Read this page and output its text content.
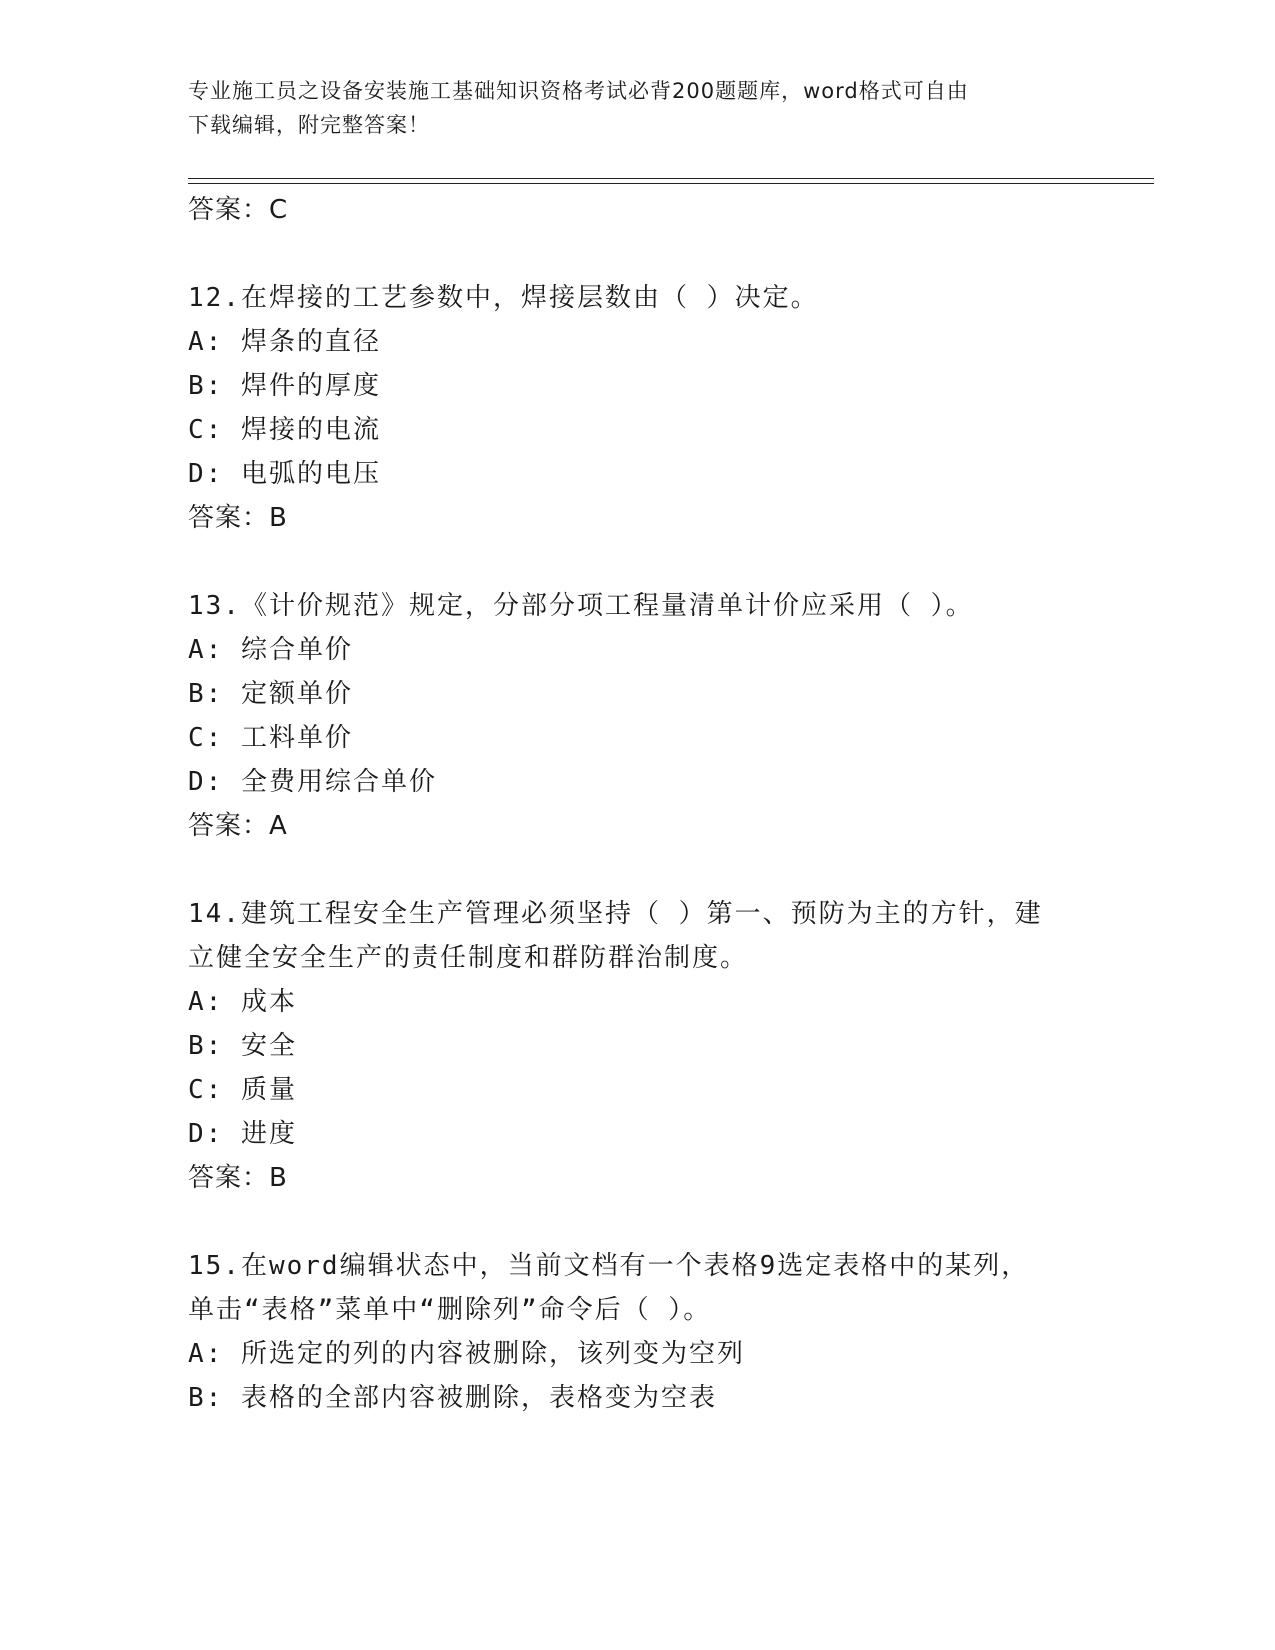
专业施工员之设备安装施工基础知识资格考试必背200题题库，word格式可自由
下载编辑，附完整答案！
答案：C
12.在焊接的工艺参数中，焊接层数由（ ）决定。
A: 焊条的直径
B: 焊件的厚度
C: 焊接的电流
D: 电弧的电压
答案：B
13.《计价规范》规定，分部分项工程量清单计价应采用（ ）。
A: 综合单价
B: 定额单价
C: 工料单价
D: 全费用综合单价
答案：A
14.建筑工程安全生产管理必须坚持（ ）第一、预防为主的方针，建
立健全安全生产的责任制度和群防群治制度。
A: 成本
B: 安全
C: 质量
D: 进度
答案：B
15.在word编辑状态中，当前文档有一个表格9选定表格中的某列，
单击“表格”菜单中“删除列”命令后（ ）。
A: 所选定的列的内容被删除，该列变为空列
B: 表格的全部内容被删除，表格变为空表
